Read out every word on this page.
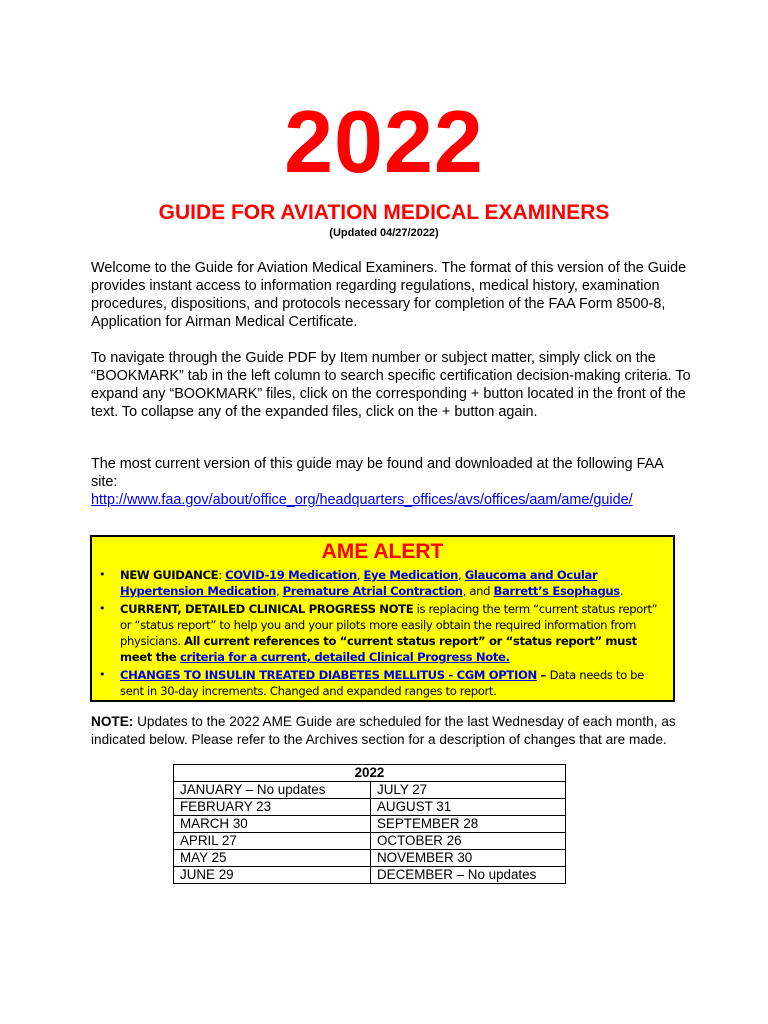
2022
GUIDE FOR AVIATION MEDICAL EXAMINERS
(Updated 04/27/2022)

Welcome to the Guide for Aviation Medical Examiners. The format of this version of the Guide provides instant access to information regarding regulations, medical history, examination procedures, dispositions, and protocols necessary for completion of the FAA Form 8500-8, Application for Airman Medical Certificate.

To navigate through the Guide PDF by Item number or subject matter, simply click on the “BOOKMARK” tab in the left column to search specific certification decision-making criteria. To expand any “BOOKMARK” files, click on the corresponding + button located in the front of the text. To collapse any of the expanded files, click on the + button again.

The most current version of this guide may be found and downloaded at the following FAA site:
http://www.faa.gov/about/office_org/headquarters_offices/avs/offices/aam/ame/guide/

AME ALERT
• NEW GUIDANCE: COVID-19 Medication, Eye Medication, Glaucoma and Ocular Hypertension Medication, Premature Atrial Contraction, and Barrett’s Esophagus.
• CURRENT, DETAILED CLINICAL PROGRESS NOTE is replacing the term “current status report” or “status report” to help you and your pilots more easily obtain the required information from physicians. All current references to “current status report” or “status report” must meet the criteria for a current, detailed Clinical Progress Note.
• CHANGES TO INSULIN TREATED DIABETES MELLITUS - CGM OPTION – Data needs to be sent in 30-day increments. Changed and expanded ranges to report.

NOTE: Updates to the 2022 AME Guide are scheduled for the last Wednesday of each month, as indicated below. Please refer to the Archives section for a description of changes that are made.

2022	
JANUARY – No updates	JULY 27
FEBRUARY 23	AUGUST 31
MARCH 30	SEPTEMBER 28
APRIL 27	OCTOBER 26
MAY 25	NOVEMBER 30
JUNE 29	DECEMBER – No updates
